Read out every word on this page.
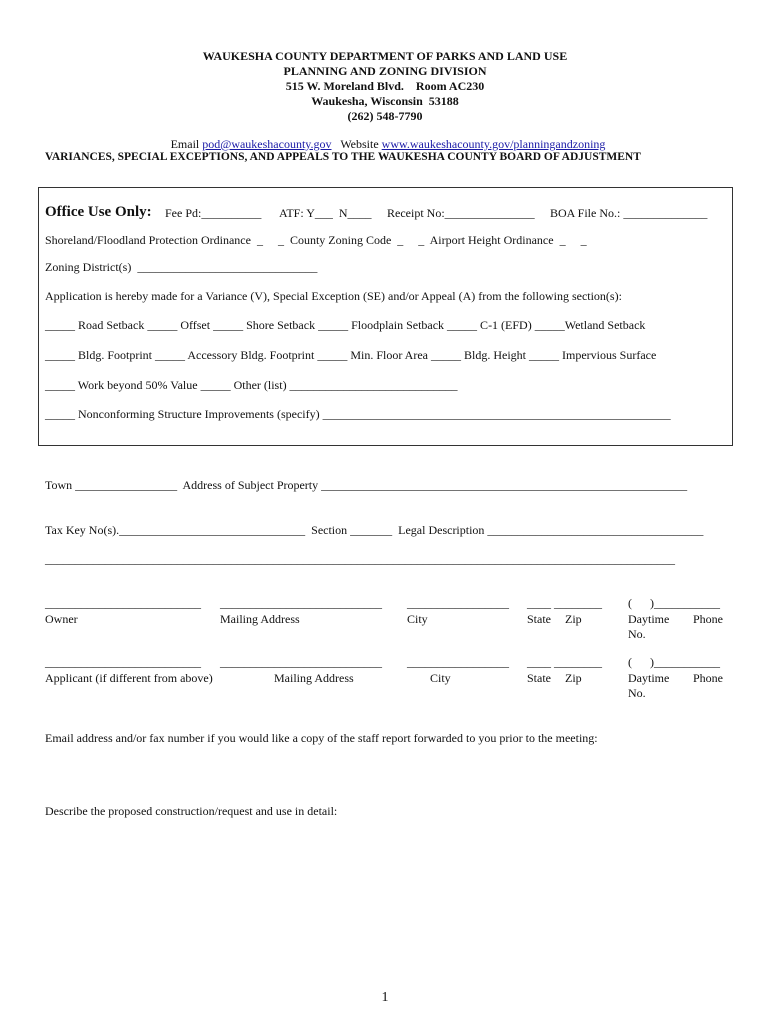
WAUKESHA COUNTY DEPARTMENT OF PARKS AND LAND USE
PLANNING AND ZONING DIVISION
515 W. Moreland Blvd.    Room AC230
Waukesha, Wisconsin  53188
(262) 548-7790

Email pod@waukeshacounty.gov Website www.waukeshacounty.gov/planningandzoning

VARIANCES, SPECIAL EXCEPTIONS, AND APPEALS TO THE WAUKESHA COUNTY BOARD OF ADJUSTMENT
Office Use Only: Fee Pd:__________ ATF: Y___  N____ Receipt No:_______________ BOA File No.: ______________
Shoreland/Floodland Protection Ordinance  _     _  County Zoning Code  _     _  Airport Height Ordinance  _     _
Zoning District(s)  ______________________________
Application is hereby made for a Variance (V), Special Exception (SE) and/or Appeal (A) from the following section(s):
_____ Road Setback _____ Offset _____ Shore Setback _____ Floodplain Setback _____ C-1 (EFD) _____Wetland Setback
_____ Bldg. Footprint _____ Accessory Bldg. Footprint _____ Min. Floor Area _____ Bldg. Height _____ Impervious Surface
_____ Work beyond 50% Value _____ Other (list) ____________________________
_____ Nonconforming Structure Improvements (specify) __________________________________________________________
Town _________________  Address of Subject Property _____________________________________________________________
Tax Key No(s)._______________________________  Section _______  Legal Description ____________________________________
_________________________________________________________________________________________________________
__________________________ ___________________________ _________________ ____ ________ (      )___________
Owner	Mailing Address	City	State Zip	Daytime Phone
No.
__________________________ ___________________________ _________________ ____ ________ (      )___________
Applicant (if different from above)	Mailing Address	City	State Zip	Daytime Phone
No.
Email address and/or fax number if you would like a copy of the staff report forwarded to you prior to the meeting:
Describe the proposed construction/request and use in detail:
1
